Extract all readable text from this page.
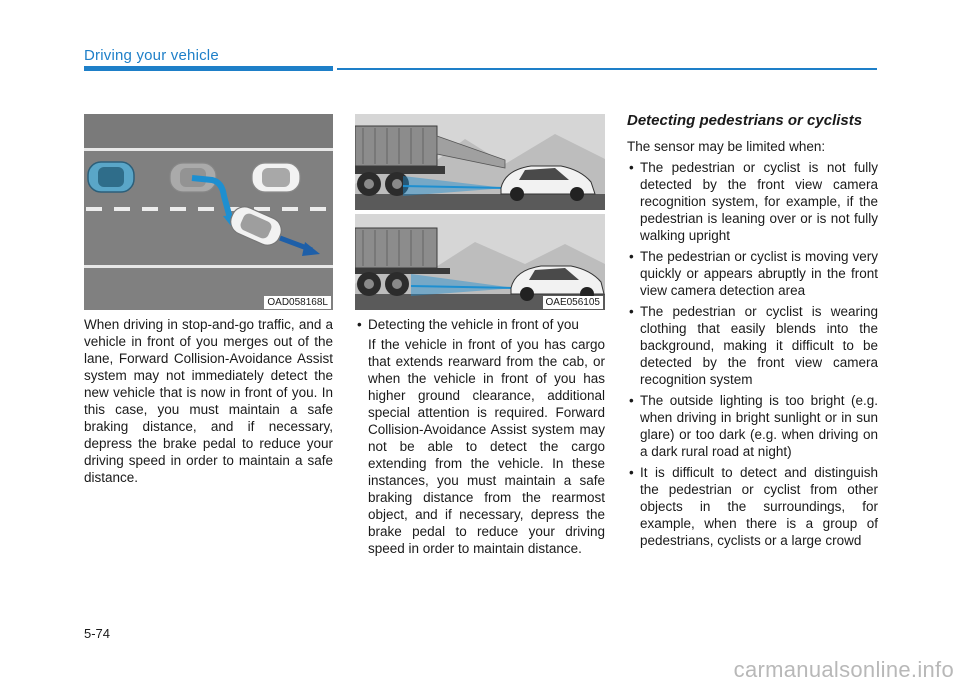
Driving your vehicle
OAD058168L	OAE056105

When driving in stop-and-go traffic, and a vehicle in front of you merges out of the lane, Forward Collision-Avoidance Assist system may not immediately detect the new vehicle that is now in front of you. In this case, you must maintain a safe braking distance, and if necessary, depress the brake pedal to reduce your driving speed in order to maintain a safe distance.

• Detecting the vehicle in front of you

If the vehicle in front of you has cargo that extends rearward from the cab, or when the vehicle in front of you has higher ground clearance, additional special attention is required. Forward Collision-Avoidance Assist system may not be able to detect the cargo extending from the vehicle. In these instances, you must maintain a safe braking distance from the rearmost object, and if necessary, depress the brake pedal to reduce your driving speed in order to maintain distance.

Detecting pedestrians or cyclists

The sensor may be limited when:

• The pedestrian or cyclist is not fully detected by the front view camera recognition system, for example, if the pedestrian is leaning over or is not fully walking upright
• The pedestrian or cyclist is moving very quickly or appears abruptly in the front view camera detection area
• The pedestrian or cyclist is wearing clothing that easily blends into the background, making it difficult to be detected by the front view camera recognition system
• The outside lighting is too bright (e.g. when driving in bright sunlight or in sun glare) or too dark (e.g. when driving on a dark rural road at night)
• It is difficult to detect and distinguish the pedestrian or cyclist from other objects in the surroundings, for example, when there is a group of pedestrians, cyclists or a large crowd
5-74
carmanualsonline.info
